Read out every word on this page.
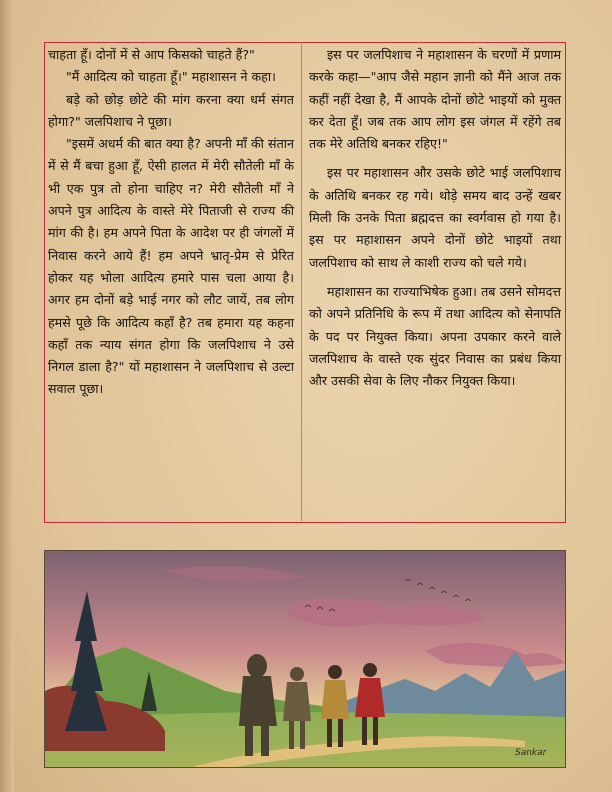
चाहता हूँ। दोनों में से आप किसको चाहते हैं?"

"मैं आदित्य को चाहता हूँ।" महाशासन ने कहा।

बड़े को छोड़ छोटे की मांग करना क्या धर्म संगत होगा?" जलपिशाच ने पूछा।

"इसमें अधर्म की बात क्या है? अपनी माँ की संतान में से मैं बचा हुआ हूँ, ऐसी हालत में मेरी सौतेली माँ के भी एक पुत्र तो होना चाहिए न? मेरी सौतेली माँ ने अपने पुत्र आदित्य के वास्ते मेरे पिताजी से राज्य की मांग की है। हम अपने पिता के आदेश पर ही जंगलों में निवास करने आये हैं! हम अपने भ्रातृ-प्रेम से प्रेरित होकर यह भोला आदित्य हमारे पास चला आया है। अगर हम दोनों बड़े भाई नगर को लौट जायें, तब लोग हमसे पूछे कि आदित्य कहाँ है? तब हमारा यह कहना कहाँ तक न्याय संगत होगा कि जलपिशाच ने उसे निगल डाला है?" यों महाशासन ने जलपिशाच से उल्टा सवाल पूछा।

इस पर जलपिशाच ने महाशासन के चरणों में प्रणाम करके कहा—"आप जैसे महान ज्ञानी को मैंने आज तक कहीं नहीं देखा है, मैं आपके दोनों छोटे भाइयों को मुक्त कर देता हूँ। जब तक आप लोग इस जंगल में रहेंगे तब तक मेरे अतिथि बनकर रहिए!"

इस पर महाशासन और उसके छोटे भाई जलपिशाच के अतिथि बनकर रह गये। थोड़े समय बाद उन्हें खबर मिली कि उनके पिता ब्रह्मदत्त का स्वर्गवास हो गया है। इस पर महाशासन अपने दोनों छोटे भाइयों तथा जलपिशाच को साथ ले काशी राज्य को चले गये।

महाशासन का राज्याभिषेक हुआ। तब उसने सोमदत्त को अपने प्रतिनिधि के रूप में तथा आदित्य को सेनापति के पद पर नियुक्त किया। अपना उपकार करने वाले जलपिशाच के वास्ते एक सुंदर निवास का प्रबंध किया और उसकी सेवा के लिए नौकर नियुक्त किया।

Sankar
